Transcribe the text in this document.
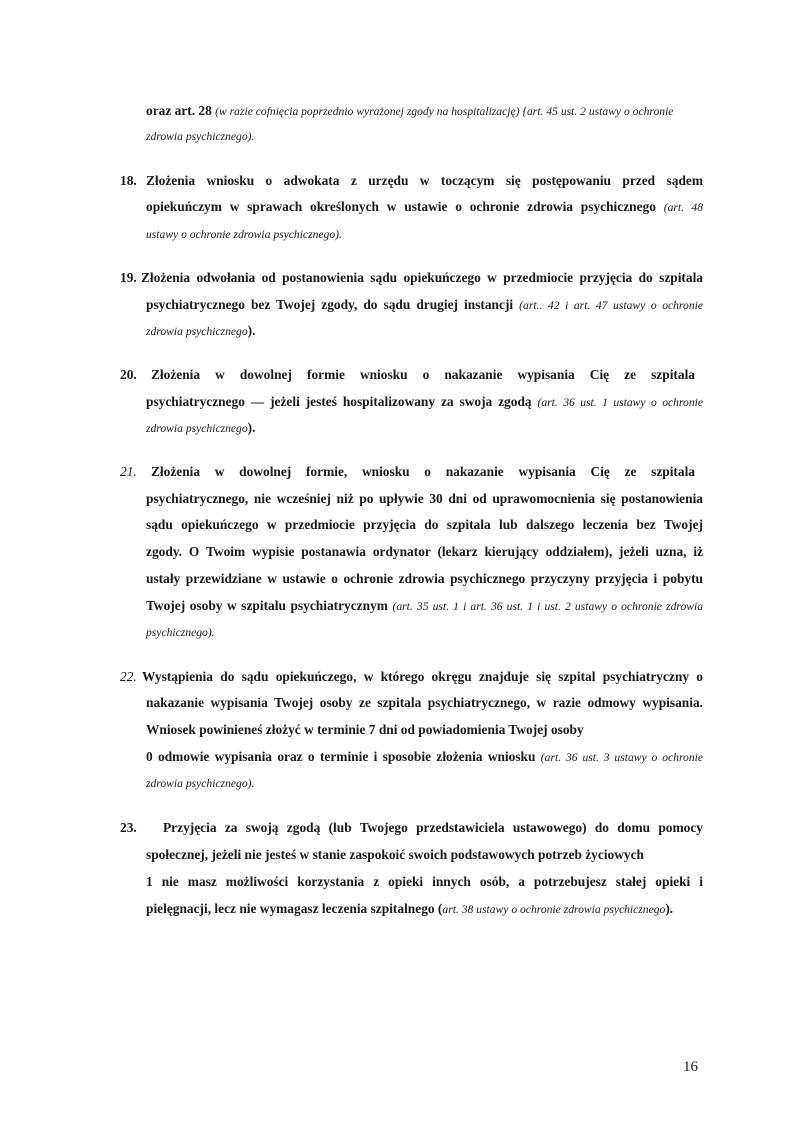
oraz art. 28 (w razie cofnięcia poprzednio wyrażonej zgody na hospitalizację) {art. 45 ust. 2 ustawy o ochronie
zdrowia psychicznego).
18. Złożenia wniosku o adwokata z urzędu w toczącym się postępowaniu przed sądem
opiekuńczym w sprawach określonych w ustawie o ochronie zdrowia psychicznego (art. 48
ustawy o ochronie zdrowia psychicznego).
19. Złożenia odwołania od postanowienia sądu opiekuńczego w przedmiocie przyjęcia do szpitala
psychiatrycznego bez Twojej zgody, do sądu drugiej instancji (art.. 42 i art. 47 ustawy o ochronie
zdrowia psychicznego).
20. Złożenia w dowolnej formie wniosku o nakazanie wypisania Cię ze szpitala
psychiatrycznego — jeżeli jesteś hospitalizowany za swoja zgodą (art. 36 ust. 1 ustawy o ochronie
zdrowia psychicznego).
21. Złożenia w dowolnej formie, wniosku o nakazanie wypisania Cię ze szpitala
psychiatrycznego, nie wcześniej niż po upływie 30 dni od uprawomocnienia się postanowienia
sądu opiekuńczego w przedmiocie przyjęcia do szpitala lub dalszego leczenia bez Twojej
zgody. O Twoim wypisie postanawia ordynator (lekarz kierujący oddziałem), jeżeli uzna, iż
ustały przewidziane w ustawie o ochronie zdrowia psychicznego przyczyny przyjęcia i pobytu
Twojej osoby w szpitalu psychiatrycznym (art. 35 ust. 1 i art. 36 ust. 1 i ust. 2 ustawy o ochronie zdrowia
psychicznego).
22. Wystąpienia do sądu opiekuńczego, w którego okręgu znajduje się szpital psychiatryczny o
nakazanie wypisania Twojej osoby ze szpitala psychiatrycznego, w razie odmowy wypisania.
Wniosek powinieneś złożyć w terminie 7 dni od powiadomienia Twojej osoby
0 odmowie wypisania oraz o terminie i sposobie złożenia wniosku (art. 36 ust. 3 ustawy o ochronie
zdrowia psychicznego).
23. Przyjęcia za swoją zgodą (lub Twojego przedstawiciela ustawowego) do domu pomocy
społecznej, jeżeli nie jesteś w stanie zaspokoić swoich podstawowych potrzeb życiowych
1 nie masz możliwości korzystania z opieki innych osób, a potrzebujesz stałej opieki i
pielęgnacji, lecz nie wymagasz leczenia szpitalnego (art. 38 ustawy o ochronie zdrowia psychicznego).
16
